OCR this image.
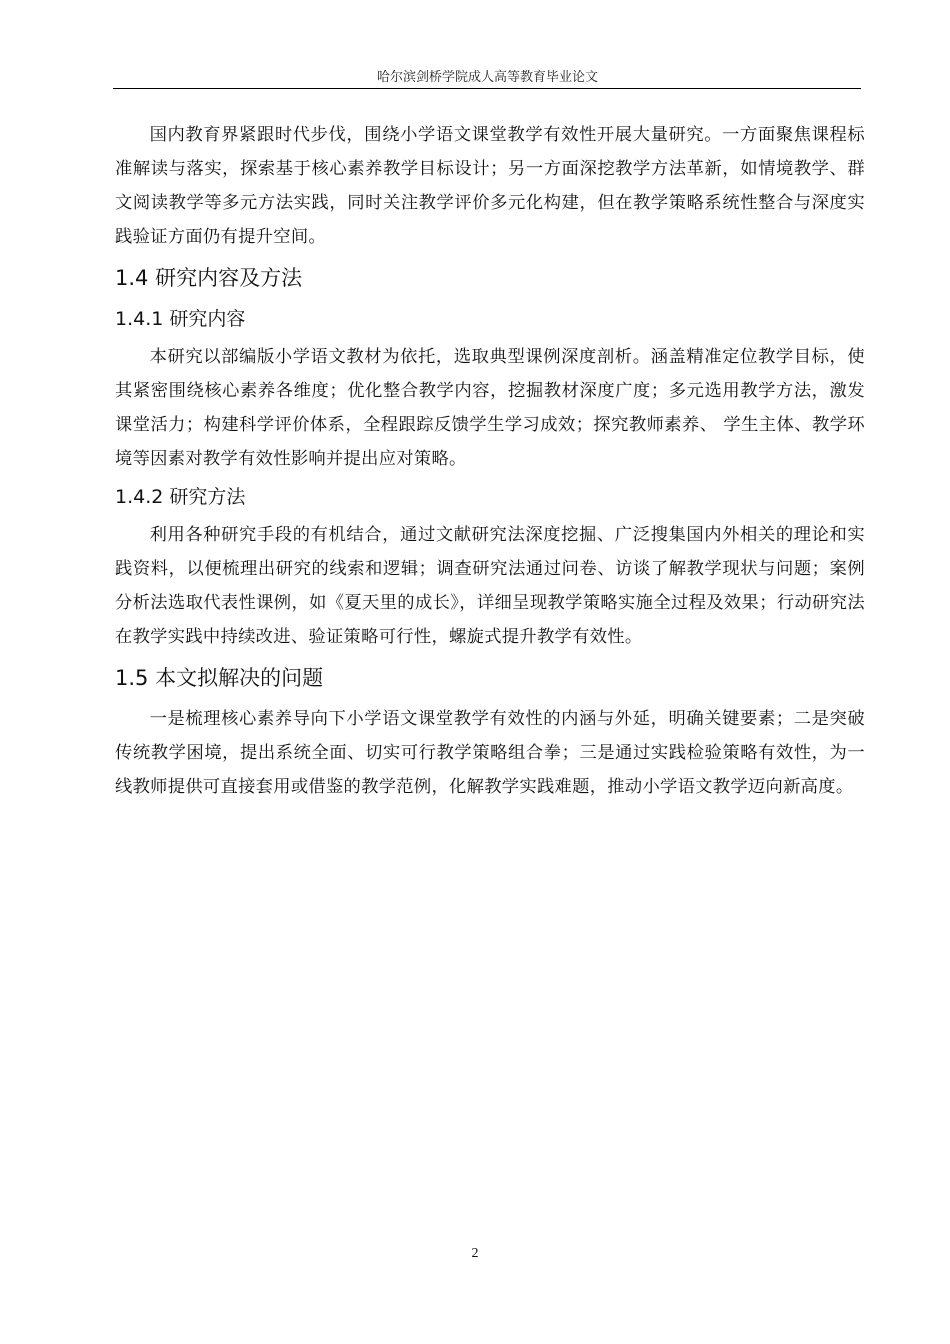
哈尔滨剑桥学院成人高等教育毕业论文

国内教育界紧跟时代步伐，围绕小学语文课堂教学有效性开展大量研究。一方面聚焦课程标准解读与落实，探索基于核心素养教学目标设计；另一方面深挖教学方法革新，如情境教学、群文阅读教学等多元方法实践，同时关注教学评价多元化构建，但在教学策略系统性整合与深度实践验证方面仍有提升空间。

1.4 研究内容及方法
1.4.1 研究内容

本研究以部编版小学语文教材为依托，选取典型课例深度剖析。涵盖精准定位教学目标，使其紧密围绕核心素养各维度；优化整合教学内容，挖掘教材深度广度；多元选用教学方法，激发课堂活力；构建科学评价体系，全程跟踪反馈学生学习成效；探究教师素养、 学生主体、教学环境等因素对教学有效性影响并提出应对策略。

1.4.2 研究方法

利用各种研究手段的有机结合，通过文献研究法深度挖掘、广泛搜集国内外相关的理论和实践资料，以便梳理出研究的线索和逻辑；调查研究法通过问卷、访谈了解教学现状与问题；案例分析法选取代表性课例，如《夏天里的成长》，详细呈现教学策略实施全过程及效果；行动研究法在教学实践中持续改进、验证策略可行性，螺旋式提升教学有效性。

1.5 本文拟解决的问题

一是梳理核心素养导向下小学语文课堂教学有效性的内涵与外延，明确关键要素；二是突破传统教学困境，提出系统全面、切实可行教学策略组合拳；三是通过实践检验策略有效性，为一线教师提供可直接套用或借鉴的教学范例，化解教学实践难题，推动小学语文教学迈向新高度。

2
